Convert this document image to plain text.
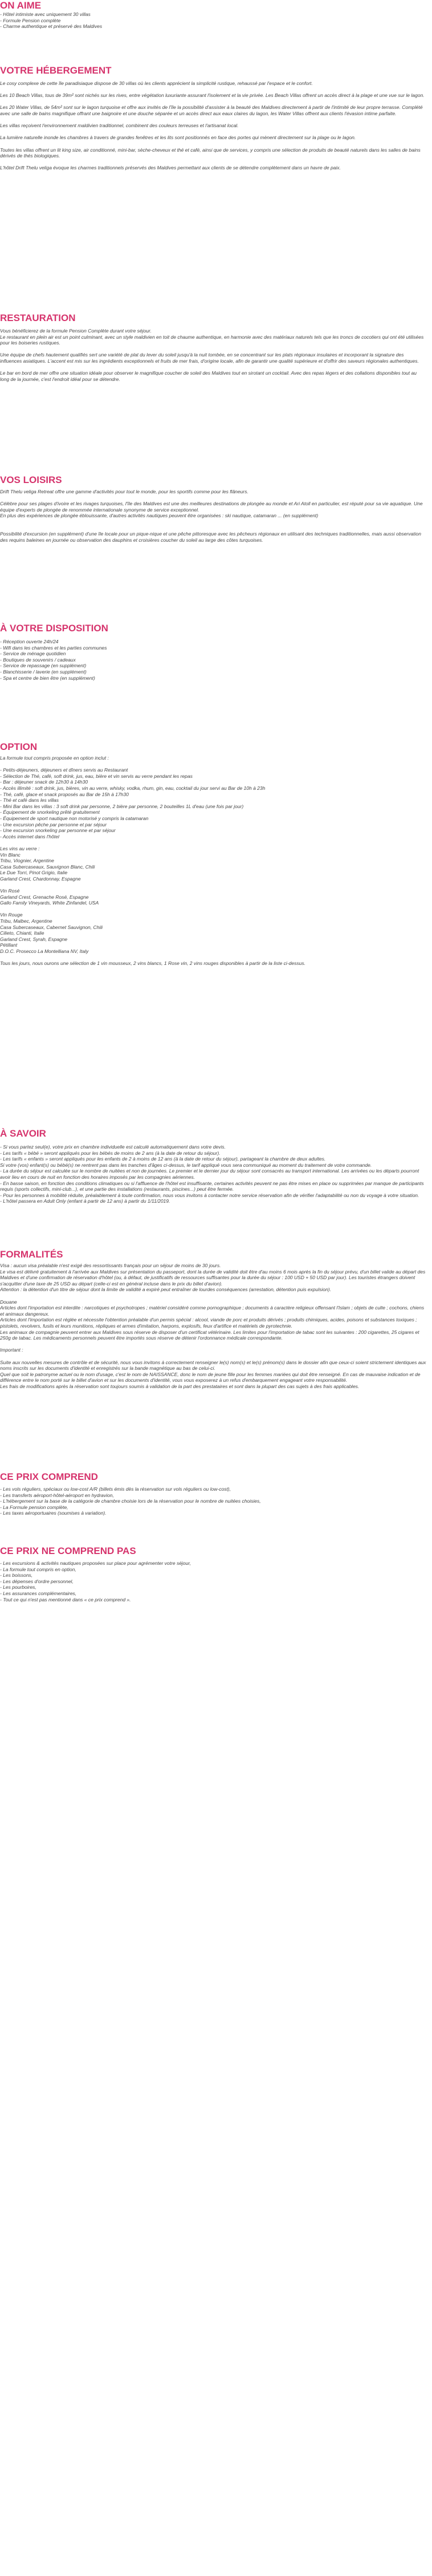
ON AIME

- Hôtel intimiste avec uniquement 30 villas

- Formule Pension complète

- Charme authentique et préservé des Maldives

VOTRE HÉBERGEMENT

Le cosy complexe de cette île paradisiaque dispose de 30 villas où les clients apprécient la simplicité rustique, rehaussé par l'espace et le confort.

Les 10 Beach Villas, tous de 39m² sont nichés sur les rives, entre végétation luxuriante assurant l'isolement et la vie privée. Les Beach Villas offrent un accès direct à la plage et une vue sur le lagon.

Les 20 Water Villas, de 54m² sont sur le lagon turquoise et offre aux invités de l'île la possibilité d'assister à la beauté des Maldives directement à partir de l'intimité de leur propre terrasse. Complété avec une salle de bains magnifique offrant une baignoire et une douche séparée et un accès direct aux eaux claires du lagon, les Water Villas offrent aux clients l'évasion intime parfaite.

Les villas reçoivent l'environnement maldivien traditionnel, combinent des couleurs terreuses et l'artisanat local.

La lumière naturelle inonde les chambres à travers de grandes fenêtres et les lits sont positionnés en face des portes qui mènent directement sur la plage ou le lagon.

Toutes les villas offrent un lit king size, air conditionné, mini-bar, sèche-cheveux et thé et café, ainsi que de services, y compris une sélection de produits de beauté naturels dans les salles de bains dérivés de thés biologiques.

L'hôtel Drift Thelu veliga évoque les charmes traditionnels préservés des Maldives permettant aux clients de se détendre complètement dans un havre de paix.

RESTAURATION

Vous bénéficierez de la formule Pension Complète durant votre séjour.
Le restaurant en plein air est un point culminant, avec un style maldivien en toit de chaume authentique, en harmonie avec des matériaux naturels tels que les troncs de cocotiers qui ont été utilisées pour les boiseries rustiques.

Une équipe de chefs hautement qualifiés sert une variété de plat du lever du soleil jusqu'à la nuit tombée, en se concentrant sur les plats régionaux insulaires et incorporant la signature des influences asiatiques. L'accent est mis sur les ingrédients exceptionnels et fruits de mer frais, d'origine locale, afin de garantir une qualité supérieure et d'offrir des saveurs régionales authentiques.

Le bar en bord de mer offre une situation idéale pour observer le magnifique coucher de soleil des Maldives tout en sirotant un cocktail. Avec des repas légers et des collations disponibles tout au long de la journée, c'est l'endroit idéal pour se détendre.

VOS LOISIRS

Drift Thelu veliga Retreat offre une gamme d'activités pour tout le monde, pour les sportifs comme pour les flâneurs.

Célèbre pour ses plages d'ivoire et les rivages turquoises, l'île des Maldives est une des meilleures destinations de plongée au monde et Ari Atoll en particulier, est réputé pour sa vie aquatique. Une équipe d'experts de plongée de renommée internationale synonyme de service exceptionnel.
En plus des expériences de plongée éblouissante, d'autres activités nautiques peuvent être organisées : ski nautique, catamaran ... (en supplément)

Possibilité d'excursion (en supplément) d'une île locale pour un pique-nique et une pêche pittoresque avec les pêcheurs régionaux en utilisant des techniques traditionnelles, mais aussi observation des requins baleines en journée ou observation des dauphins et croisières coucher du soleil au large des côtes turquoises.

À VOTRE DISPOSITION

- Réception ouverte 24h/24

- Wifi dans les chambres et les parties communes

- Service de ménage quotidien

- Boutiques de souvenirs / cadeaux

- Service de repassage (en supplément)

- Blanchisserie / laverie (en supplément)

- Spa et centre de bien être (en supplément)

OPTION

La formule tout compris proposée en option inclut :

- Petits-déjeuners, déjeuners et dîners servis au Restaurant

- Sélection de Thé, café, soft drink, jus, eau, bière et vin servis au verre pendant les repas

- Bar : déjeuner snack de 12h30 à 14h30

- Accès illimité : soft drink, jus, bières, vin au verre, whisky, vodka, rhum, gin, eau, cocktail du jour servi au Bar de 10h à 23h

- Thé, café, glace et snack proposés au Bar de 15h à 17h30

- Thé et café dans les villas

- Mini Bar dans les villas : 3 soft drink par personne, 2 bière par personne, 2 bouteilles 1L d'eau (une fois par jour)

- Équipement de snorkeling prêté gratuitement

- Équipement de sport nautique non motorisé y compris la catamaran

- Une excursion pêche par personne et par séjour

- Une excursion snorkeling par personne et par séjour

- Accès internet dans l'hôtel

Les vins au verre :

Vin Blanc

Tribu, Viognier, Argentine

Casa Subercaseaux, Sauvignon Blanc, Chili

Le Due Torri, Pinot Grigio, Italie

Garland Crest, Chardonnay, Espagne

Vin Rosé

Garland Crest, Grenache Rosé, Espagne

Gallo Family Vineyards, White Zinfandel, USA

Vin Rouge

Tribu, Malbec, Argentine

Casa Subercaseaux, Cabernet Sauvignon, Chili

Cilieto, Chianti, Italie

Garland Crest, Syrah, Espagne

Pétillant

D.O.C. Prosecco La Montelliana NV, Italy

Tous les jours, nous ourons une sélection de 1 vin mousseux, 2 vins blancs, 1 Rose vin, 2 vins rouges disponibles à partir de la liste ci-dessus.

À SAVOIR

- Si vous partez seul(e), votre prix en chambre individuelle est calculé automatiquement dans votre devis.

- Les tarifs « bébé » seront appliqués pour les bébés de moins de 2 ans (à la date de retour du séjour).

- Les tarifs « enfants » seront appliqués pour les enfants de 2 à moins de 12 ans (à la date de retour du séjour), partageant la chambre de deux adultes.

Si votre (vos) enfant(s) ou bébé(s) ne rentrent pas dans les tranches d'âges ci-dessus, le tarif appliqué vous sera communiqué au moment du traitement de votre commande.

- La durée du séjour est calculée sur le nombre de nuitées et non de journées. Le premier et le dernier jour du séjour sont consacrés au transport international. Les arrivées ou les départs pourront avoir lieu en cours de nuit en fonction des horaires imposés par les compagnies aériennes.

- En basse saison, en fonction des conditions climatiques ou si l'affluence de l'hôtel est insuffisante, certaines activités peuvent ne pas être mises en place ou supprimées par manque de participants requis (sports collectifs, mini-club...), et une partie des installations (restaurants, piscines...) peut être fermée.

- Pour les personnes à mobilité réduite, préalablement à toute confirmation, nous vous invitons à contacter notre service réservation afin de vérifier l'adaptabilité ou non du voyage à votre situation.

- L'hôtel passera en Adult Only (enfant à partir de 12 ans) à partir du 1/11/2019.

FORMALITÉS

Visa : aucun visa préalable n'est exigé des ressortissants français pour un séjour de moins de 30 jours.
Le visa est délivré gratuitement à l'arrivée aux Maldives sur présentation du passeport, dont la durée de validité doit être d'au moins 6 mois après la fin du séjour prévu, d'un billet valide au départ des Maldives et d'une confirmation de réservation d'hôtel (ou, à défaut, de justificatifs de ressources suffisantes pour la durée du séjour : 100 USD + 50 USD par jour). Les touristes étrangers doivent s'acquitter d'une taxe de 25 USD au départ (celle-ci est en général incluse dans le prix du billet d'avion).
Attention : la détention d'un titre de séjour dont la limite de validité a expiré peut entraîner de lourdes conséquences (arrestation, détention puis expulsion).

Douane
Articles dont l'importation est interdite : narcotiques et psychotropes ; matériel considéré comme pornographique ; documents à caractère religieux offensant l'Islam ; objets de culte ; cochons, chiens et animaux dangereux.
Articles dont l'importation est réglée et nécessite l'obtention préalable d'un permis spécial : alcool, viande de porc et produits dérivés ; produits chimiques, acides, poisons et substances toxiques ; pistolets, revolvers, fusils et leurs munitions, répliques et armes d'imitation, harpons, explosifs, feux d'artifice et matériels de pyrotechnie.
Les animaux de compagnie peuvent entrer aux Maldives sous réserve de disposer d'un certificat vétérinaire. Les limites pour l'importation de tabac sont les suivantes : 200 cigarettes, 25 cigares et 250g de tabac. Les médicaments personnels peuvent être importés sous réserve de détenir l'ordonnance médicale correspondante.

Important :

Suite aux nouvelles mesures de contrôle et de sécurité, nous vous invitons à correctement renseigner le(s) nom(s) et le(s) prénom(s) dans le dossier afin que ceux-ci soient strictement identiques aux noms inscrits sur les documents d'identité et enregistrés sur la bande magnétique au bas de celui-ci.
Quel que soit le patronyme actuel ou le nom d'usage, c'est le nom de NAISSANCE, donc le nom de jeune fille pour les femmes mariées qui doit être renseigné. En cas de mauvaise indication et de différence entre le nom porté sur le billet d'avion et sur les documents d'identité, vous vous exposerez à un refus d'embarquement engageant votre responsabilité.
Les frais de modifications après la réservation sont toujours soumis à validation de la part des prestataires et sont dans la plupart des cas sujets à des frais applicables.

CE PRIX COMPREND

- Les vols réguliers, spéciaux ou low-cost A/R (billets émis dès la réservation sur vols réguliers ou low-cost),

- Les transferts aéroport-hôtel-aéroport en hydravion,

- L'hébergement sur la base de la catégorie de chambre choisie lors de la réservation pour le nombre de nuitées choisies,

- La Formule pension complète,

- Les taxes aéroportuaires (soumises à variation).

CE PRIX NE COMPREND PAS

- Les excursions & activités nautiques proposées sur place pour agrémenter votre séjour,

- La formule tout compris en option,

- Les boissons,

- Les dépenses d'ordre personnel,

- Les pourboires,

- Les assurances complémentaires,

- Tout ce qui n'est pas mentionné dans « ce prix comprend ».
